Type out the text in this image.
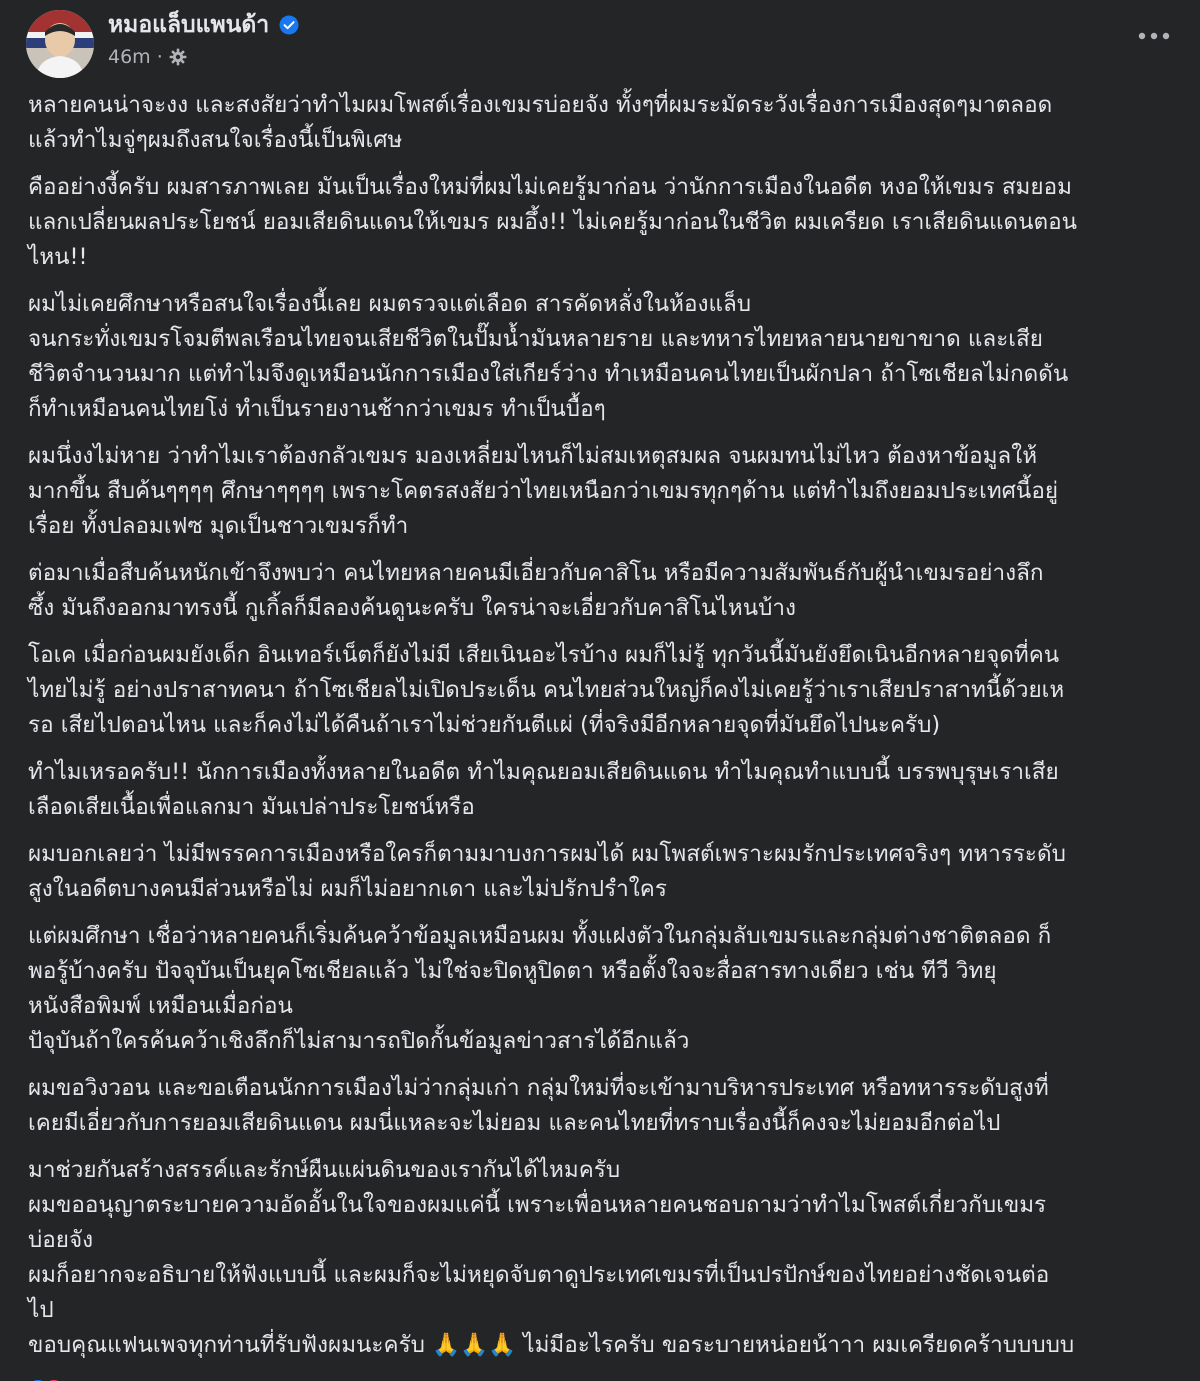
หมอแล็บแพนด้า
46m ·
หลายคนน่าจะงง และสงสัยว่าทำไมผมโพสต์เรื่องเขมรบ่อยจัง ทั้งๆที่ผมระมัดระวังเรื่องการเมืองสุดๆมาตลอด
แล้วทำไมจู่ๆผมถึงสนใจเรื่องนี้เป็นพิเศษ
คืออย่างงี้ครับ ผมสารภาพเลย มันเป็นเรื่องใหม่ที่ผมไม่เคยรู้มาก่อน ว่านักการเมืองในอดีต หงอให้เขมร สมยอม
แลกเปลี่ยนผลประโยชน์ ยอมเสียดินแดนให้เขมร ผมอึ้ง!! ไม่เคยรู้มาก่อนในชีวิต ผมเครียด เราเสียดินแดนตอน
ไหน!!
ผมไม่เคยศึกษาหรือสนใจเรื่องนี้เลย ผมตรวจแต่เลือด สารคัดหลั่งในห้องแล็บ
จนกระทั่งเขมรโจมตีพลเรือนไทยจนเสียชีวิตในปั๊มน้ำมันหลายราย และทหารไทยหลายนายขาขาด และเสีย
ชีวิตจำนวนมาก แต่ทำไมจึงดูเหมือนนักการเมืองใส่เกียร์ว่าง ทำเหมือนคนไทยเป็นผักปลา ถ้าโซเชียลไม่กดดัน
ก็ทำเหมือนคนไทยโง่ ทำเป็นรายงานช้ากว่าเขมร ทำเป็นบื้อๆ
ผมนึ่งงไม่หาย ว่าทำไมเราต้องกลัวเขมร มองเหลี่ยมไหนก็ไม่สมเหตุสมผล จนผมทนไม่ไหว ต้องหาข้อมูลให้
มากขึ้น สืบค้นๆๆๆๆ ศึกษาๆๆๆๆ เพราะโคตรสงสัยว่าไทยเหนือกว่าเขมรทุกๆด้าน แต่ทำไมถึงยอมประเทศนี้อยู่
เรื่อย ทั้งปลอมเฟซ มุดเป็นชาวเขมรก็ทำ
ต่อมาเมื่อสืบค้นหนักเข้าจึงพบว่า คนไทยหลายคนมีเอี่ยวกับคาสิโน หรือมีความสัมพันธ์กับผู้นำเขมรอย่างลึก
ซึ้ง มันถึงออกมาทรงนี้ กูเกิ้ลก็มีลองค้นดูนะครับ ใครน่าจะเอี่ยวกับคาสิโนไหนบ้าง
โอเค เมื่อก่อนผมยังเด็ก อินเทอร์เน็ตก็ยังไม่มี เสียเนินอะไรบ้าง ผมก็ไม่รู้ ทุกวันนี้มันยังยึดเนินอีกหลายจุดที่คน
ไทยไม่รู้ อย่างปราสาทคนา ถ้าโซเชียลไม่เปิดประเด็น คนไทยส่วนใหญ่ก็คงไม่เคยรู้ว่าเราเสียปราสาทนี้ด้วยเห
รอ เสียไปตอนไหน และก็คงไม่ได้คืนถ้าเราไม่ช่วยกันตีแผ่ (ที่จริงมีอีกหลายจุดที่มันยึดไปนะครับ)
ทำไมเหรอครับ!! นักการเมืองทั้งหลายในอดีต ทำไมคุณยอมเสียดินแดน ทำไมคุณทำแบบนี้ บรรพบุรุษเราเสีย
เลือดเสียเนื้อเพื่อแลกมา มันเปล่าประโยชน์หรือ
ผมบอกเลยว่า ไม่มีพรรคการเมืองหรือใครก็ตามมาบงการผมได้ ผมโพสต์เพราะผมรักประเทศจริงๆ ทหารระดับ
สูงในอดีตบางคนมีส่วนหรือไม่ ผมก็ไม่อยากเดา และไม่ปรักปรำใคร
แต่ผมศึกษา เชื่อว่าหลายคนก็เริ่มค้นคว้าข้อมูลเหมือนผม ทั้งแฝงตัวในกลุ่มลับเขมรและกลุ่มต่างชาติตลอด ก็
พอรู้บ้างครับ ปัจจุบันเป็นยุคโซเชียลแล้ว ไม่ใช่จะปิดหูปิดตา หรือตั้งใจจะสื่อสารทางเดียว เช่น ทีวี วิทยุ
หนังสือพิมพ์ เหมือนเมื่อก่อน
ปัจุบันถ้าใครค้นคว้าเชิงลึกก็ไม่สามารถปิดกั้นข้อมูลข่าวสารได้อีกแล้ว
ผมขอวิงวอน และขอเตือนนักการเมืองไม่ว่ากลุ่มเก่า กลุ่มใหม่ที่จะเข้ามาบริหารประเทศ หรือทหารระดับสูงที่
เคยมีเอี่ยวกับการยอมเสียดินแดน ผมนี่แหละจะไม่ยอม และคนไทยที่ทราบเรื่องนี้ก็คงจะไม่ยอมอีกต่อไป
มาช่วยกันสร้างสรรค์และรักษ์ผืนแผ่นดินของเรากันได้ไหมครับ
ผมขออนุญาตระบายความอัดอั้นในใจของผมแค่นี้ เพราะเพื่อนหลายคนชอบถามว่าทำไมโพสต์เกี่ยวกับเขมร
บ่อยจัง
ผมก็อยากจะอธิบายให้ฟังแบบนี้ และผมก็จะไม่หยุดจับตาดูประเทศเขมรที่เป็นปรปักษ์ของไทยอย่างชัดเจนต่อ
ไป
ขอบคุณแฟนเพจทุกท่านที่รับฟังผมนะครับ 🙏🙏🙏 ไม่มีอะไรครับ ขอระบายหน่อยน้าาา ผมเครียดคร้าบบบบบ
